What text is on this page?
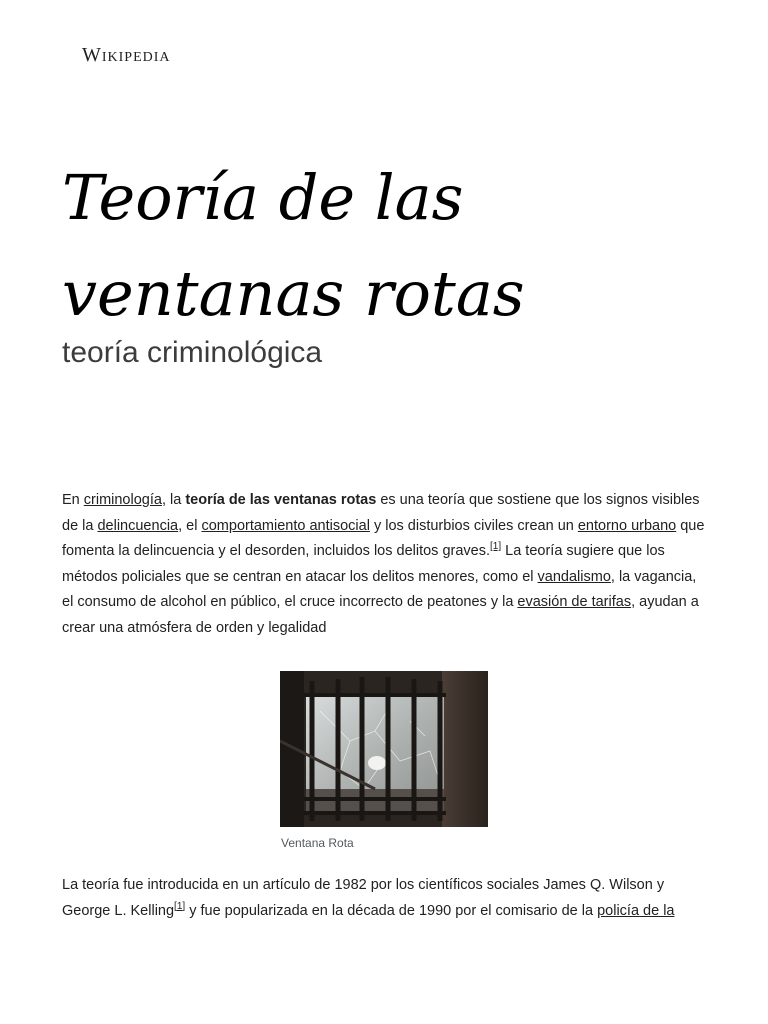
Wikipedia
Teoría de las ventanas rotas
teoría criminológica

En criminología, la teoría de las ventanas rotas es una teoría que sostiene que los signos visibles de la delincuencia, el comportamiento antisocial y los disturbios civiles crean un entorno urbano que fomenta la delincuencia y el desorden, incluidos los delitos graves.[1] La teoría sugiere que los métodos policiales que se centran en atacar los delitos menores, como el vandalismo, la vagancia, el consumo de alcohol en público, el cruce incorrecto de peatones y la evasión de tarifas, ayudan a crear una atmósfera de orden y legalidad

Ventana Rota

La teoría fue introducida en un artículo de 1982 por los científicos sociales James Q. Wilson y George L. Kelling[1] y fue popularizada en la década de 1990 por el comisario de la policía de la
